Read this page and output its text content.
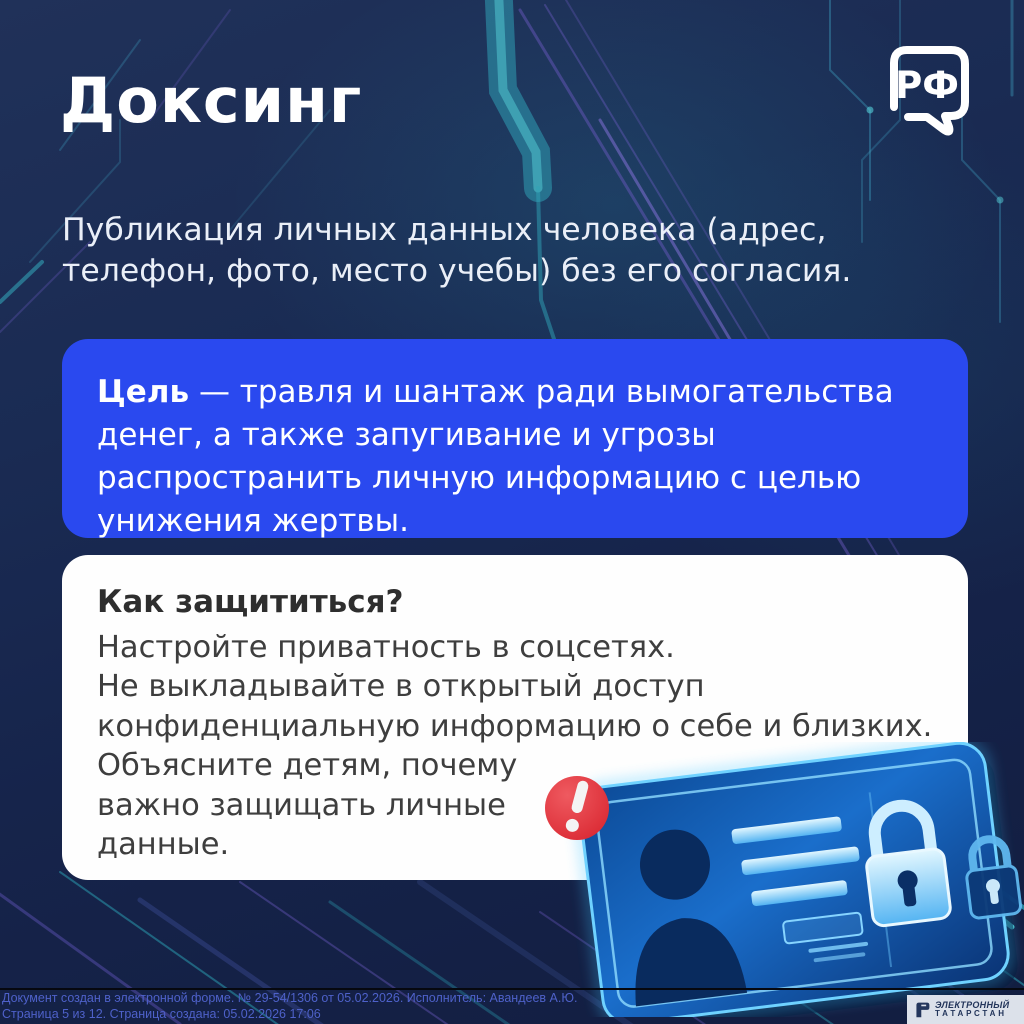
Доксинг	РФ
Публикация личных данных человека (адрес,
телефон, фото, место учебы) без его согласия.
Цель — травля и шантаж ради вымогательства
денег, а также запугивание и угрозы
распространить личную информацию с целью
унижения жертвы.
Как защититься?
Настройте приватность в соцсетях.
Не выкладывайте в открытый доступ
конфиденциальную информацию о себе и близких.
Объясните детям, почему
важно защищать личные
данные.
Документ создан в электронной форме. № 29-54/1306 от 05.02.2026. Исполнитель: Авандеев А.Ю.
Страница 5 из 12. Страница создана: 05.02.2026 17:06
ЭЛЕКТРОННЫЙ
ТАТАРСТАН
